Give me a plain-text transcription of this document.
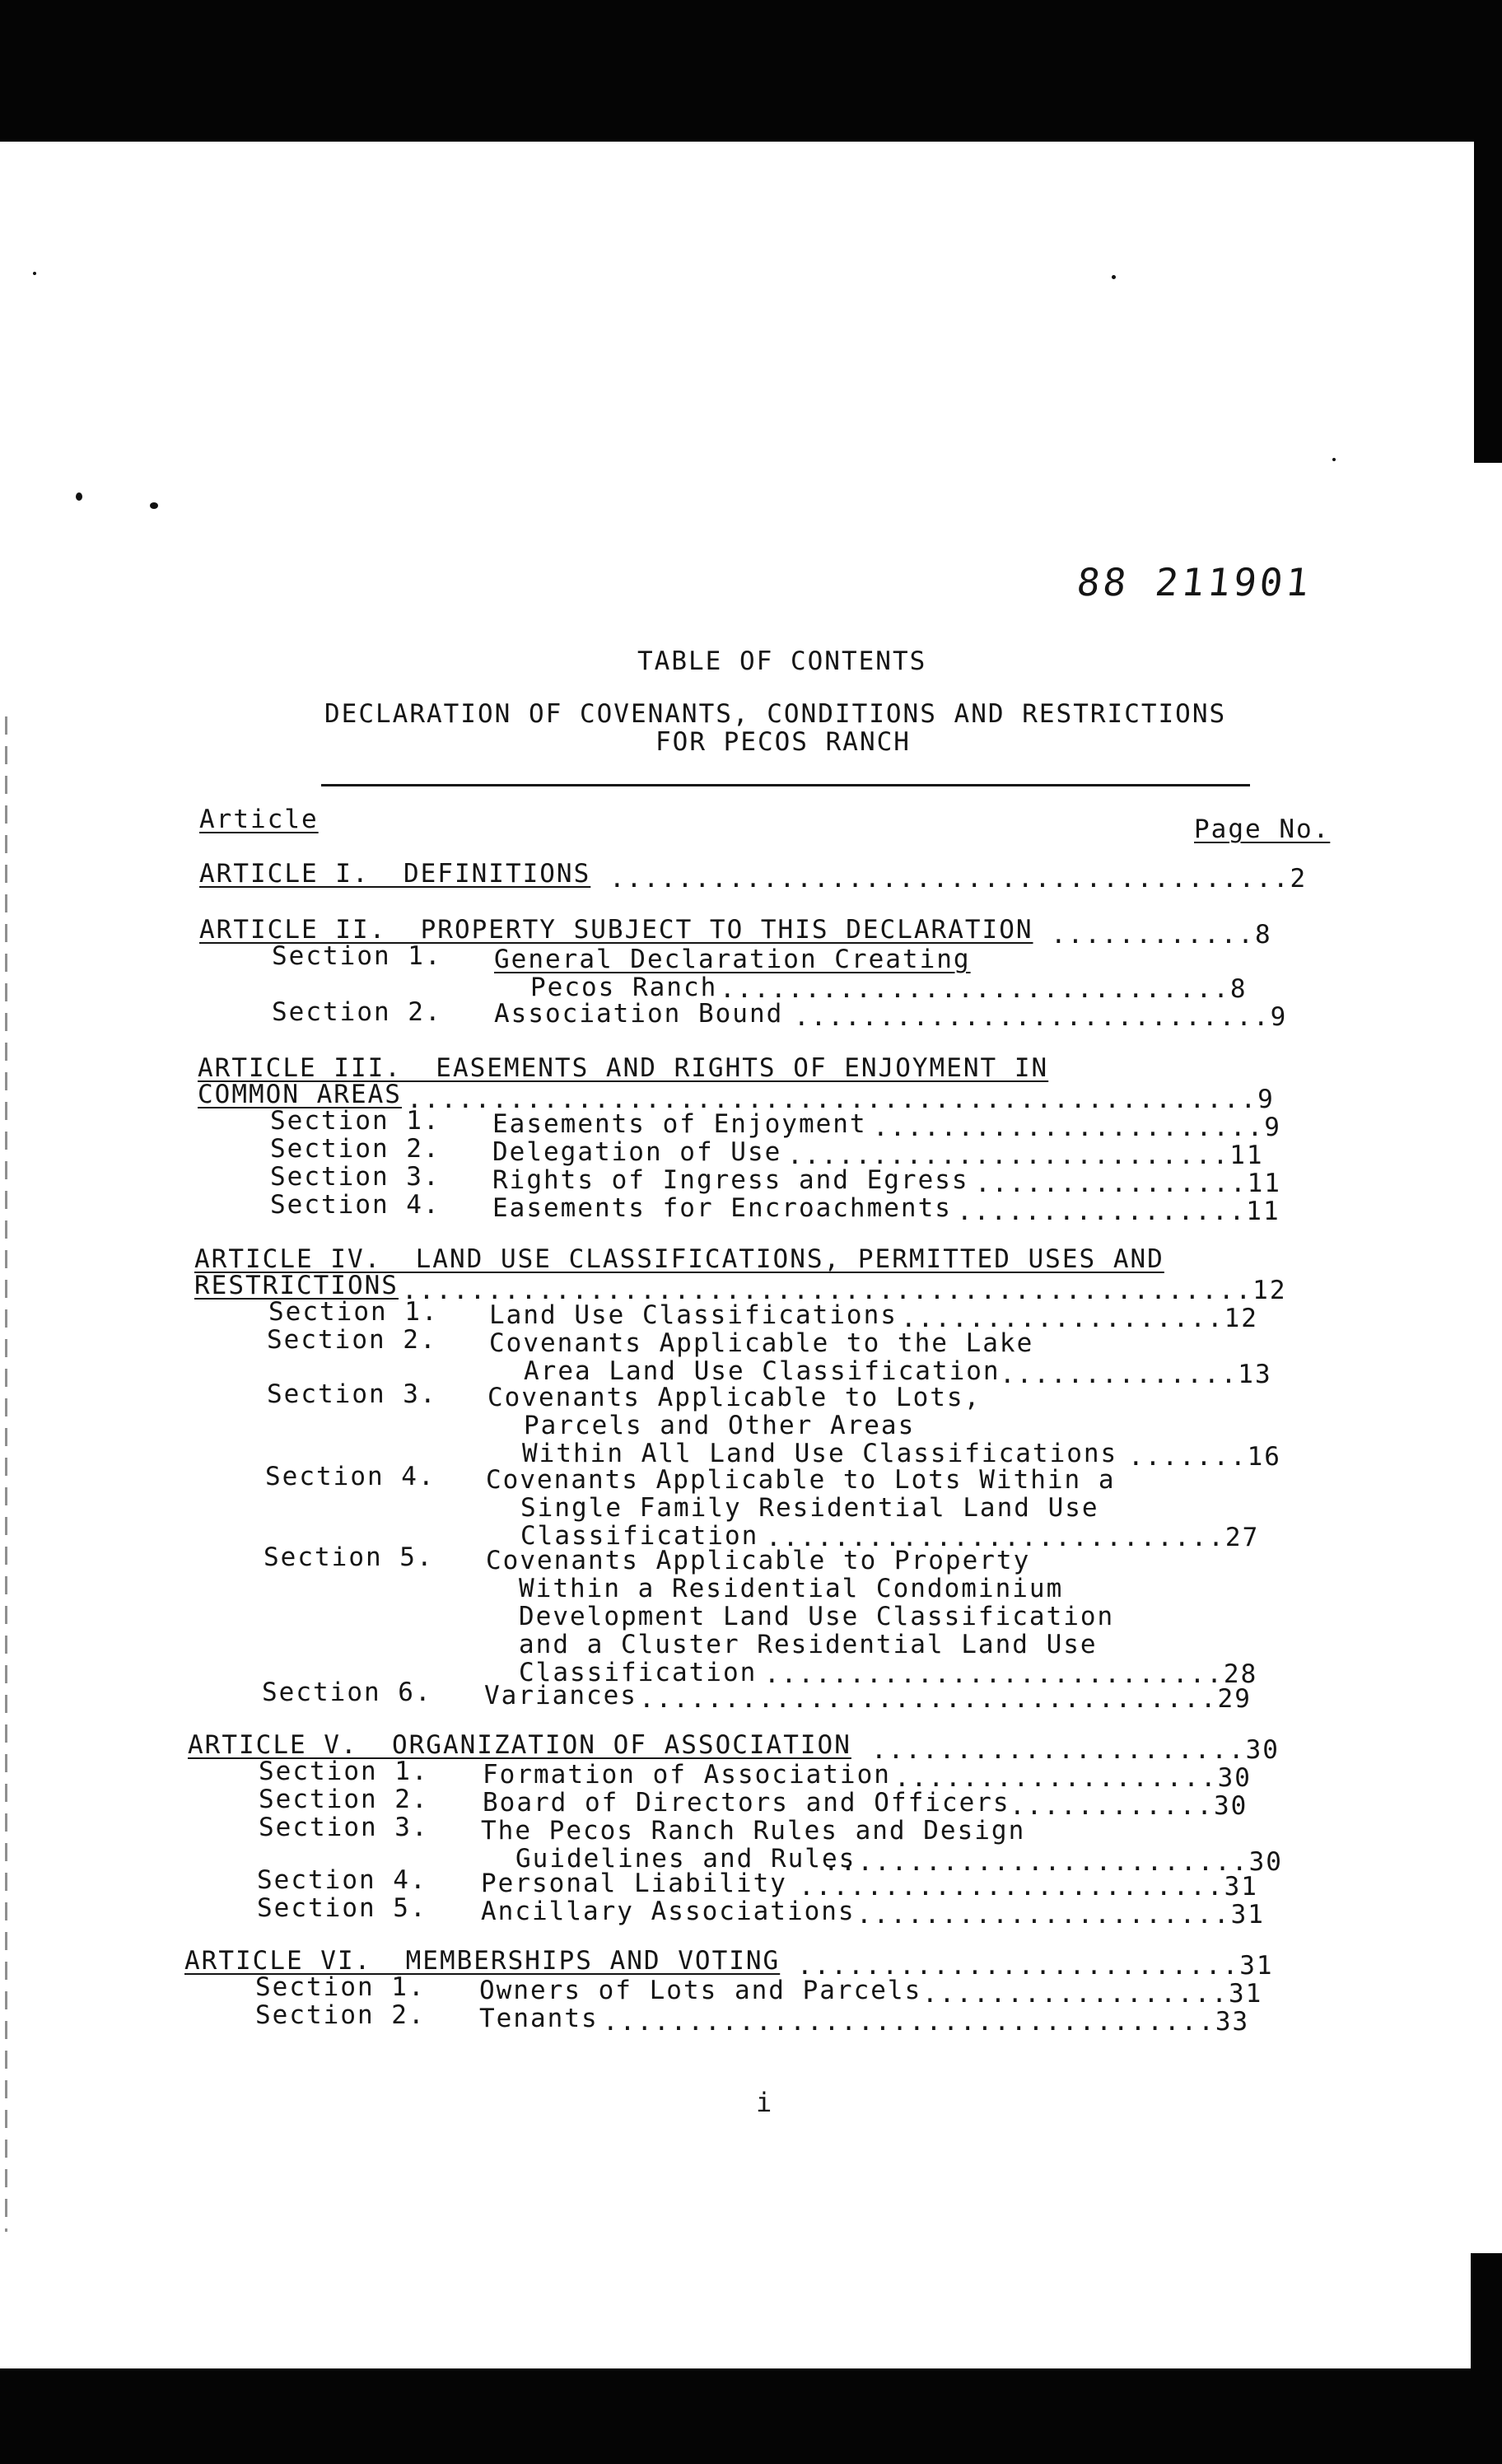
88 211901
TABLE OF CONTENTS
DECLARATION OF COVENANTS, CONDITIONS AND RESTRICTIONS
FOR PECOS RANCH
Article	Page No.
ARTICLE I.  DEFINITIONS ........................................2
ARTICLE II.  PROPERTY SUBJECT TO THIS DECLARATION ............8
Section 1. General Declaration Creating
Pecos Ranch ..............................8
Section 2. Association Bound ............................9
ARTICLE III.  EASEMENTS AND RIGHTS OF ENJOYMENT IN
COMMON AREAS ..................................................9
Section 1. Easements of Enjoyment .......................9
Section 2. Delegation of Use ..........................11
Section 3. Rights of Ingress and Egress ................11
Section 4. Easements for Encroachments .................11
ARTICLE IV.  LAND USE CLASSIFICATIONS, PERMITTED USES AND
RESTRICTIONS ..................................................12
Section 1. Land Use Classifications ...................12
Section 2. Covenants Applicable to the Lake
Area Land Use Classification ..............13
Section 3. Covenants Applicable to Lots,
Parcels and Other Areas
Within All Land Use Classifications .......16
Section 4. Covenants Applicable to Lots Within a
Single Family Residential Land Use
Classification ...........................27
Section 5. Covenants Applicable to Property
Within a Residential Condominium
Development Land Use Classification
and a Cluster Residential Land Use
Classification ...........................28
Section 6. Variances ..................................29
ARTICLE V.  ORGANIZATION OF ASSOCIATION ......................30
Section 1. Formation of Association ...................30
Section 2. Board of Directors and Officers ............30
Section 3. The Pecos Ranch Rules and Design
Guidelines and Rules
.........................30
Section 4. Personal Liability .........................31
Section 5. Ancillary Associations ......................31
ARTICLE VI.  MEMBERSHIPS AND VOTING ..........................31
Section 1. Owners of Lots and Parcels ..................31
Section 2. Tenants ....................................33
i
